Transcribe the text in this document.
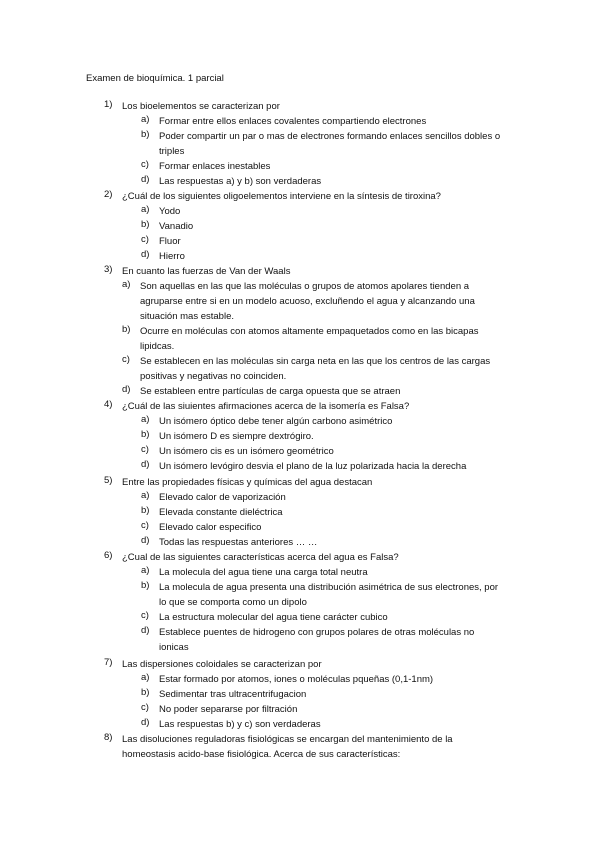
Examen de bioquímica. 1 parcial
1)	Los bioelementos se caracterizan por
a)	Formar entre ellos enlaces covalentes compartiendo electrones
b)	Poder compartir un par o mas de electrones formando enlaces sencillos dobles o triples
c)	Formar enlaces inestables
d)	Las respuestas a) y b) son verdaderas
2)	¿Cuál de los siguientes oligoelementos interviene en la síntesis de tiroxina?
a)	Yodo
b)	Vanadio
c)	Fluor
d)	Hierro
3)	En cuanto las fuerzas de Van der Waals
a)	Son aquellas en las que las moléculas o grupos de atomos apolares tienden a agruparse entre si en un modelo acuoso, excluñendo el agua y alcanzando una situación mas estable.
b)	Ocurre en moléculas con atomos altamente empaquetados como en las bicapas lipidcas.
c)	Se establecen en las moléculas sin carga neta en las que los centros de las cargas positivas y negativas no coinciden.
d)	Se estableen entre partículas de carga opuesta que se atraen
4)	¿Cuál de las siuientes afirmaciones acerca de la isomería es Falsa?
a)	Un isómero óptico debe tener algún carbono asimétrico
b)	Un isómero D es siempre dextrógiro.
c)	Un isómero cis es un isómero geométrico
d)	Un isómero levógiro desvia el plano de la luz polarizada hacia la derecha
5)	Entre las propiedades físicas y químicas del agua destacan
a)	Elevado calor de vaporización
b)	Elevada constante dieléctrica
c)	Elevado calor especifico
d)	Todas las respuestas anteriores … …
6)	¿Cual de las siguientes características acerca del agua es Falsa?
a)	La molecula del agua tiene una carga total neutra
b)	La molecula de agua presenta una distribución asimétrica de sus electrones, por lo que se comporta como un dipolo
c)	La estructura molecular del agua tiene carácter cubico
d)	Establece puentes de hidrogeno con grupos polares de otras moléculas no ionicas
7)	Las dispersiones coloidales se caracterizan por
a)	Estar formado por atomos, iones o moléculas pqueñas (0,1-1nm)
b)	Sedimentar tras ultracentrifugacion
c)	No poder separarse por filtración
d)	Las respuestas b) y c) son verdaderas
8)	Las disoluciones reguladoras fisiológicas se encargan del mantenimiento de la homeostasis acido-base fisiológica. Acerca de sus características:
